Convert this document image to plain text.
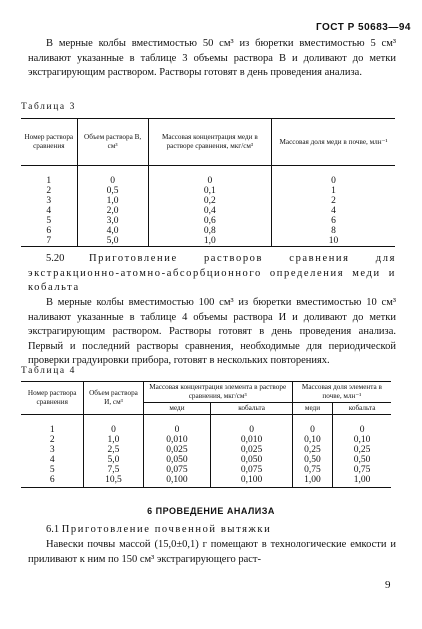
ГОСТ Р 50683—94
В мерные колбы вместимостью 50 см³ из бюретки вместимостью 5 см³ наливают указанные в таблице 3 объемы раствора В и доливают до метки экстрагирующим раствором. Растворы готовят в день проведения анализа.
Таблица 3
Номер раствора сравнения	Объем раствора В, см³	Массовая концентрация меди в растворе сравнения, мкг/см³	Массовая доля меди в почве, млн⁻¹
1	0	0	0
2	0,5	0,1	1
3	1,0	0,2	2
4	2,0	0,4	4
5	3,0	0,6	6
6	4,0	0,8	8
7	5,0	1,0	10
5.20 Приготовление растворов сравнения для экстракционно-атомно-абсорбционного определения меди и кобальта
В мерные колбы вместимостью 100 см³ из бюретки вместимостью 10 см³ наливают указанные в таблице 4 объемы раствора И и доливают до метки экстрагирующим раствором. Растворы готовят в день проведения анализа. Первый и последний растворы сравнения, необходимые для периодической проверки градуировки прибора, готовят в нескольких повторениях.
Таблица 4
Номер раствора сравнения	Объем раствора И, см³	Массовая концентрация элемента в растворе сравнения, мкг/см³		Массовая доля элемента в почве, млн⁻¹	
		меди	кобальта	меди	кобальта
1	0	0	0	0	0
2	1,0	0,010	0,010	0,10	0,10
3	2,5	0,025	0,025	0,25	0,25
4	5,0	0,050	0,050	0,50	0,50
5	7,5	0,075	0,075	0,75	0,75
6	10,5	0,100	0,100	1,00	1,00
6 ПРОВЕДЕНИЕ АНАЛИЗА
6.1 Приготовление почвенной вытяжки
Навески почвы массой (15,0±0,1) г помещают в технологические емкости и приливают к ним по 150 см³ экстрагирующего раст-
9
